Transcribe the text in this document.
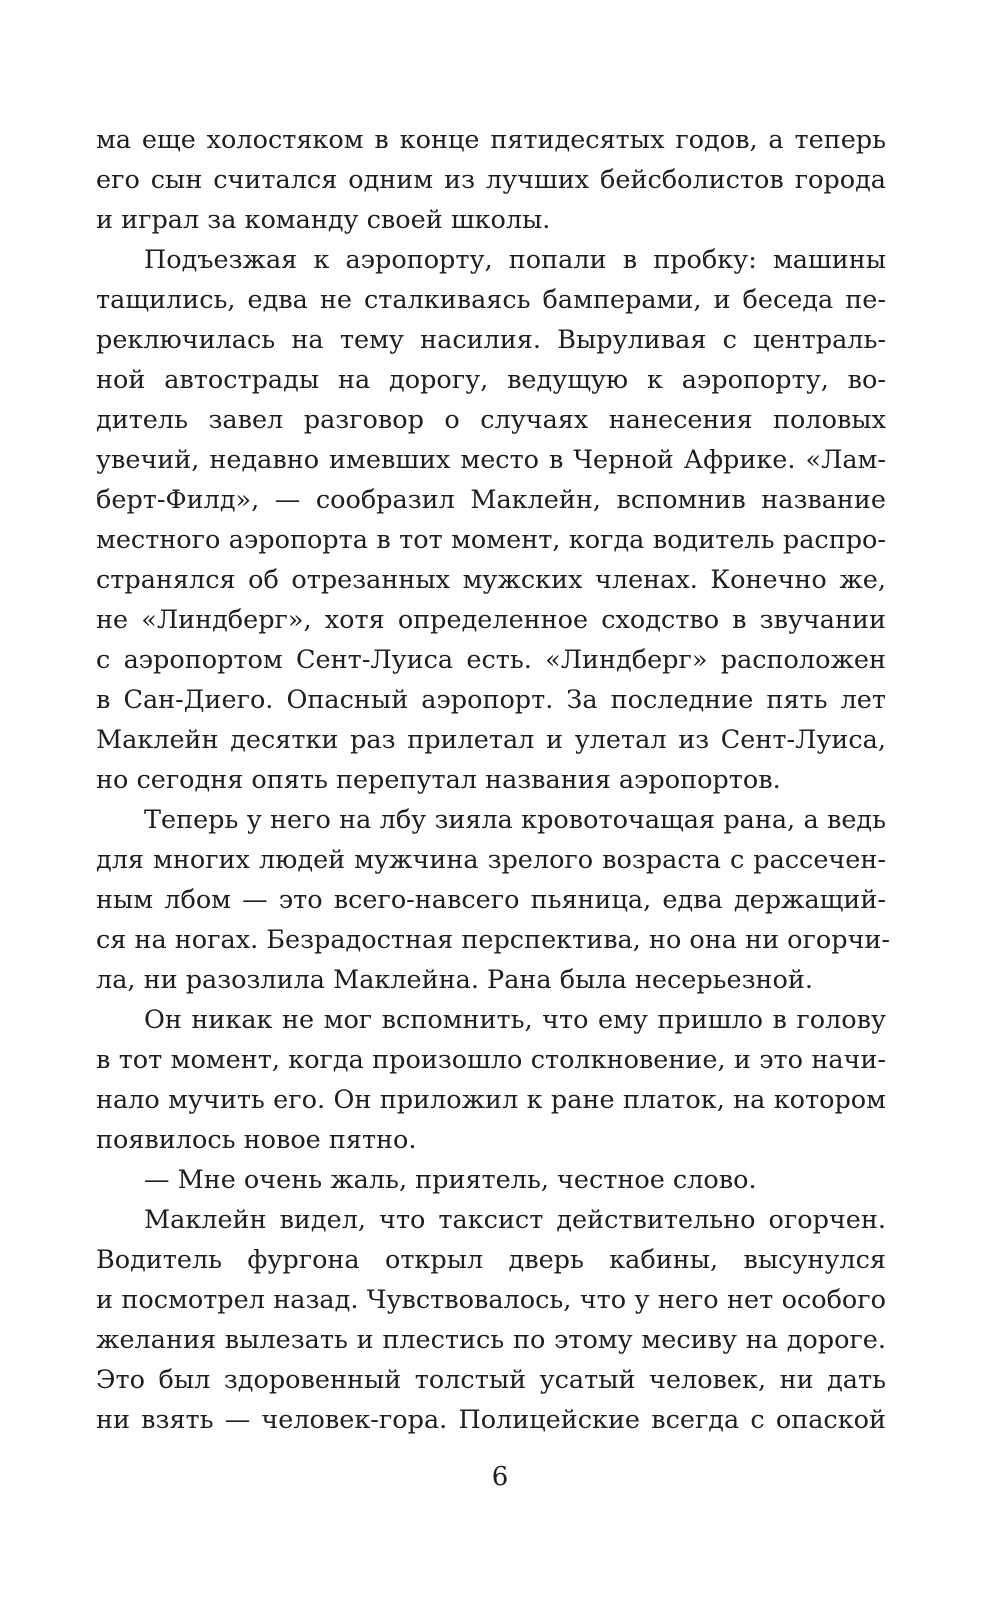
ма еще холостяком в конце пятидесятых годов, а теперь
его сын считался одним из лучших бейсболистов города
и играл за команду своей школы.
Подъезжая к аэропорту, попали в пробку: машины
тащились, едва не сталкиваясь бамперами, и беседа пе-
реключилась на тему насилия. Выруливая с централь-
ной автострады на дорогу, ведущую к аэропорту, во-
дитель завел разговор о случаях нанесения половых
увечий, недавно имевших место в Черной Африке. «Лам-
берт-Филд», — сообразил Маклейн, вспомнив название
местного аэропорта в тот момент, когда водитель распро-
странялся об отрезанных мужских членах. Конечно же,
не «Линдберг», хотя определенное сходство в звучании
с аэропортом Сент-Луиса есть. «Линдберг» расположен
в Сан-Диего. Опасный аэропорт. За последние пять лет
Маклейн десятки раз прилетал и улетал из Сент-Луиса,
но сегодня опять перепутал названия аэропортов.
Теперь у него на лбу зияла кровоточащая рана, а ведь
для многих людей мужчина зрелого возраста с рассечен-
ным лбом — это всего-навсего пьяница, едва держащий-
ся на ногах. Безрадостная перспектива, но она ни огорчи-
ла, ни разозлила Маклейна. Рана была несерьезной.
Он никак не мог вспомнить, что ему пришло в голову
в тот момент, когда произошло столкновение, и это начи-
нало мучить его. Он приложил к ране платок, на котором
появилось новое пятно.
— Мне очень жаль, приятель, честное слово.
Маклейн видел, что таксист действительно огорчен.
Водитель фургона открыл дверь кабины, высунулся
и посмотрел назад. Чувствовалось, что у него нет особого
желания вылезать и плестись по этому месиву на дороге.
Это был здоровенный толстый усатый человек, ни дать
ни взять — человек-гора. Полицейские всегда с опаской
6
